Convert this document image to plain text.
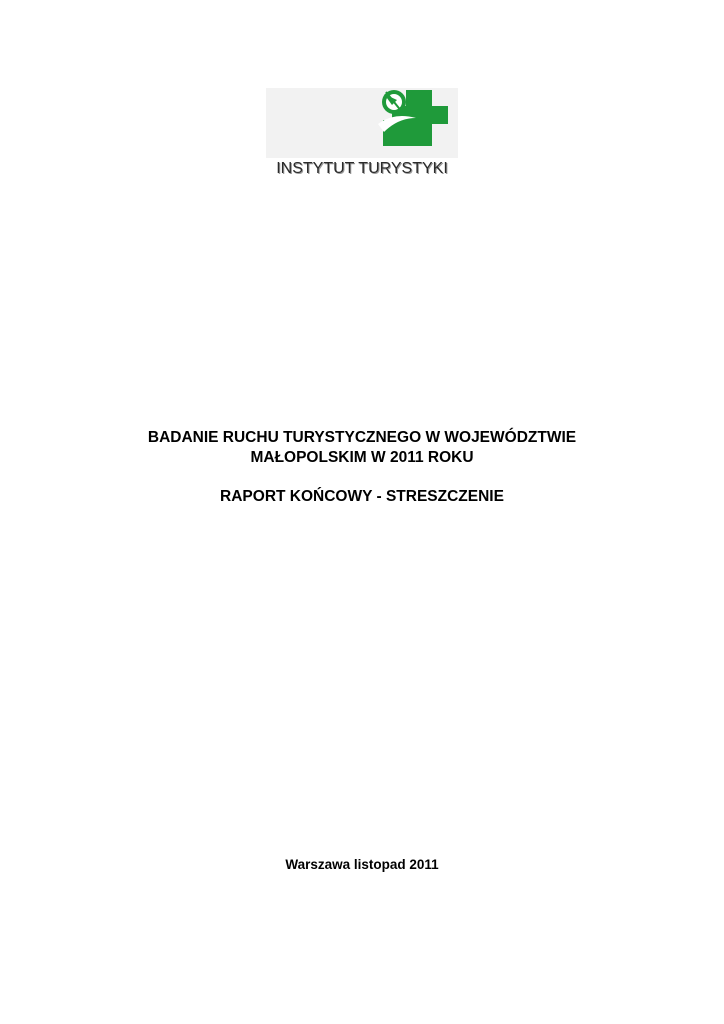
INSTYTUT TURYSTYKI
BADANIE RUCHU TURYSTYCZNEGO W WOJEWÓDZTWIE
MAŁOPOLSKIM W 2011 ROKU
RAPORT KOŃCOWY - STRESZCZENIE
Warszawa listopad 2011
